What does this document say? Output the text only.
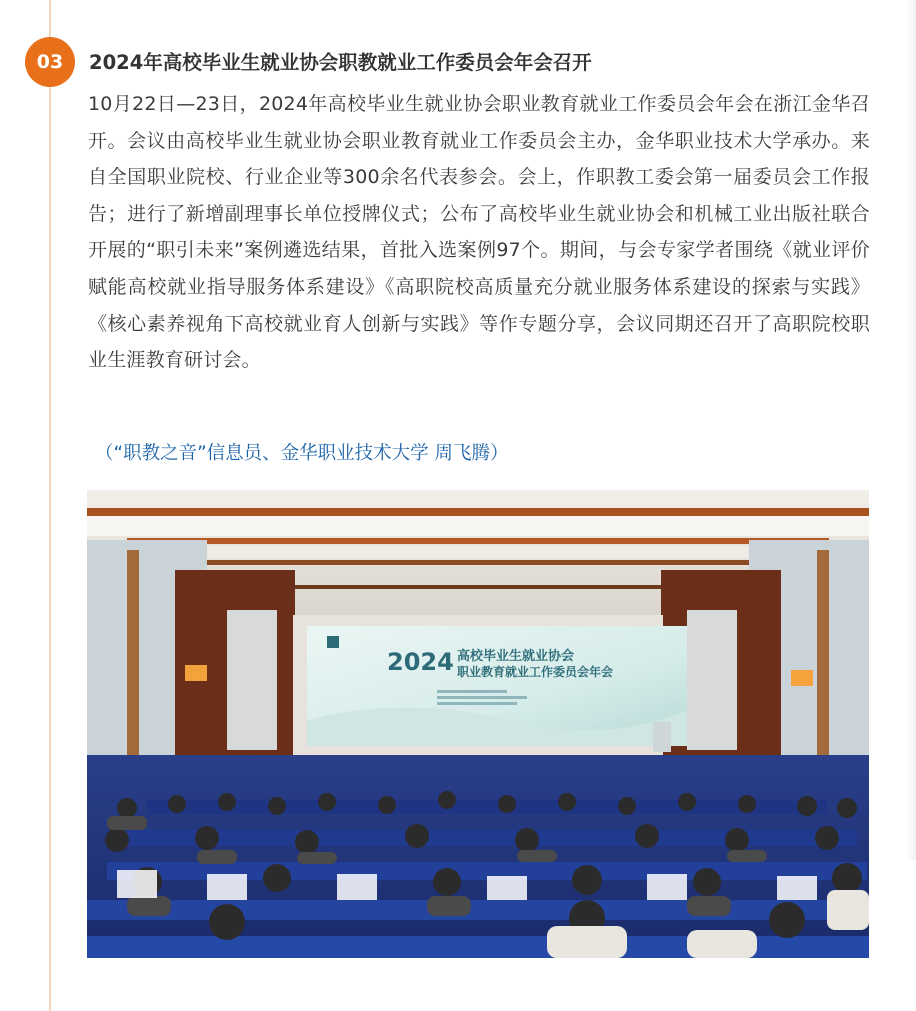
03 2024年高校毕业生就业协会职教就业工作委员会年会召开

10月22日—23日，2024年高校毕业生就业协会职业教育就业工作委员会年会在浙江金华召开。会议由高校毕业生就业协会职业教育就业工作委员会主办，金华职业技术大学承办。来自全国职业院校、行业企业等300余名代表参会。会上，作职教工委会第一届委员会工作报告；进行了新增副理事长单位授牌仪式；公布了高校毕业生就业协会和机械工业出版社联合开展的“职引未来”案例遴选结果，首批入选案例97个。期间，与会专家学者围绕《就业评价赋能高校就业指导服务体系建设》《高职院校高质量充分就业服务体系建设的探索与实践》《核心素养视角下高校就业育人创新与实践》等作专题分享，会议同期还召开了高职院校职业生涯教育研讨会。

（“职教之音”信息员、金华职业技术大学 周飞腾）

2024 高校毕业生就业协会
职业教育就业工作委员会年会
